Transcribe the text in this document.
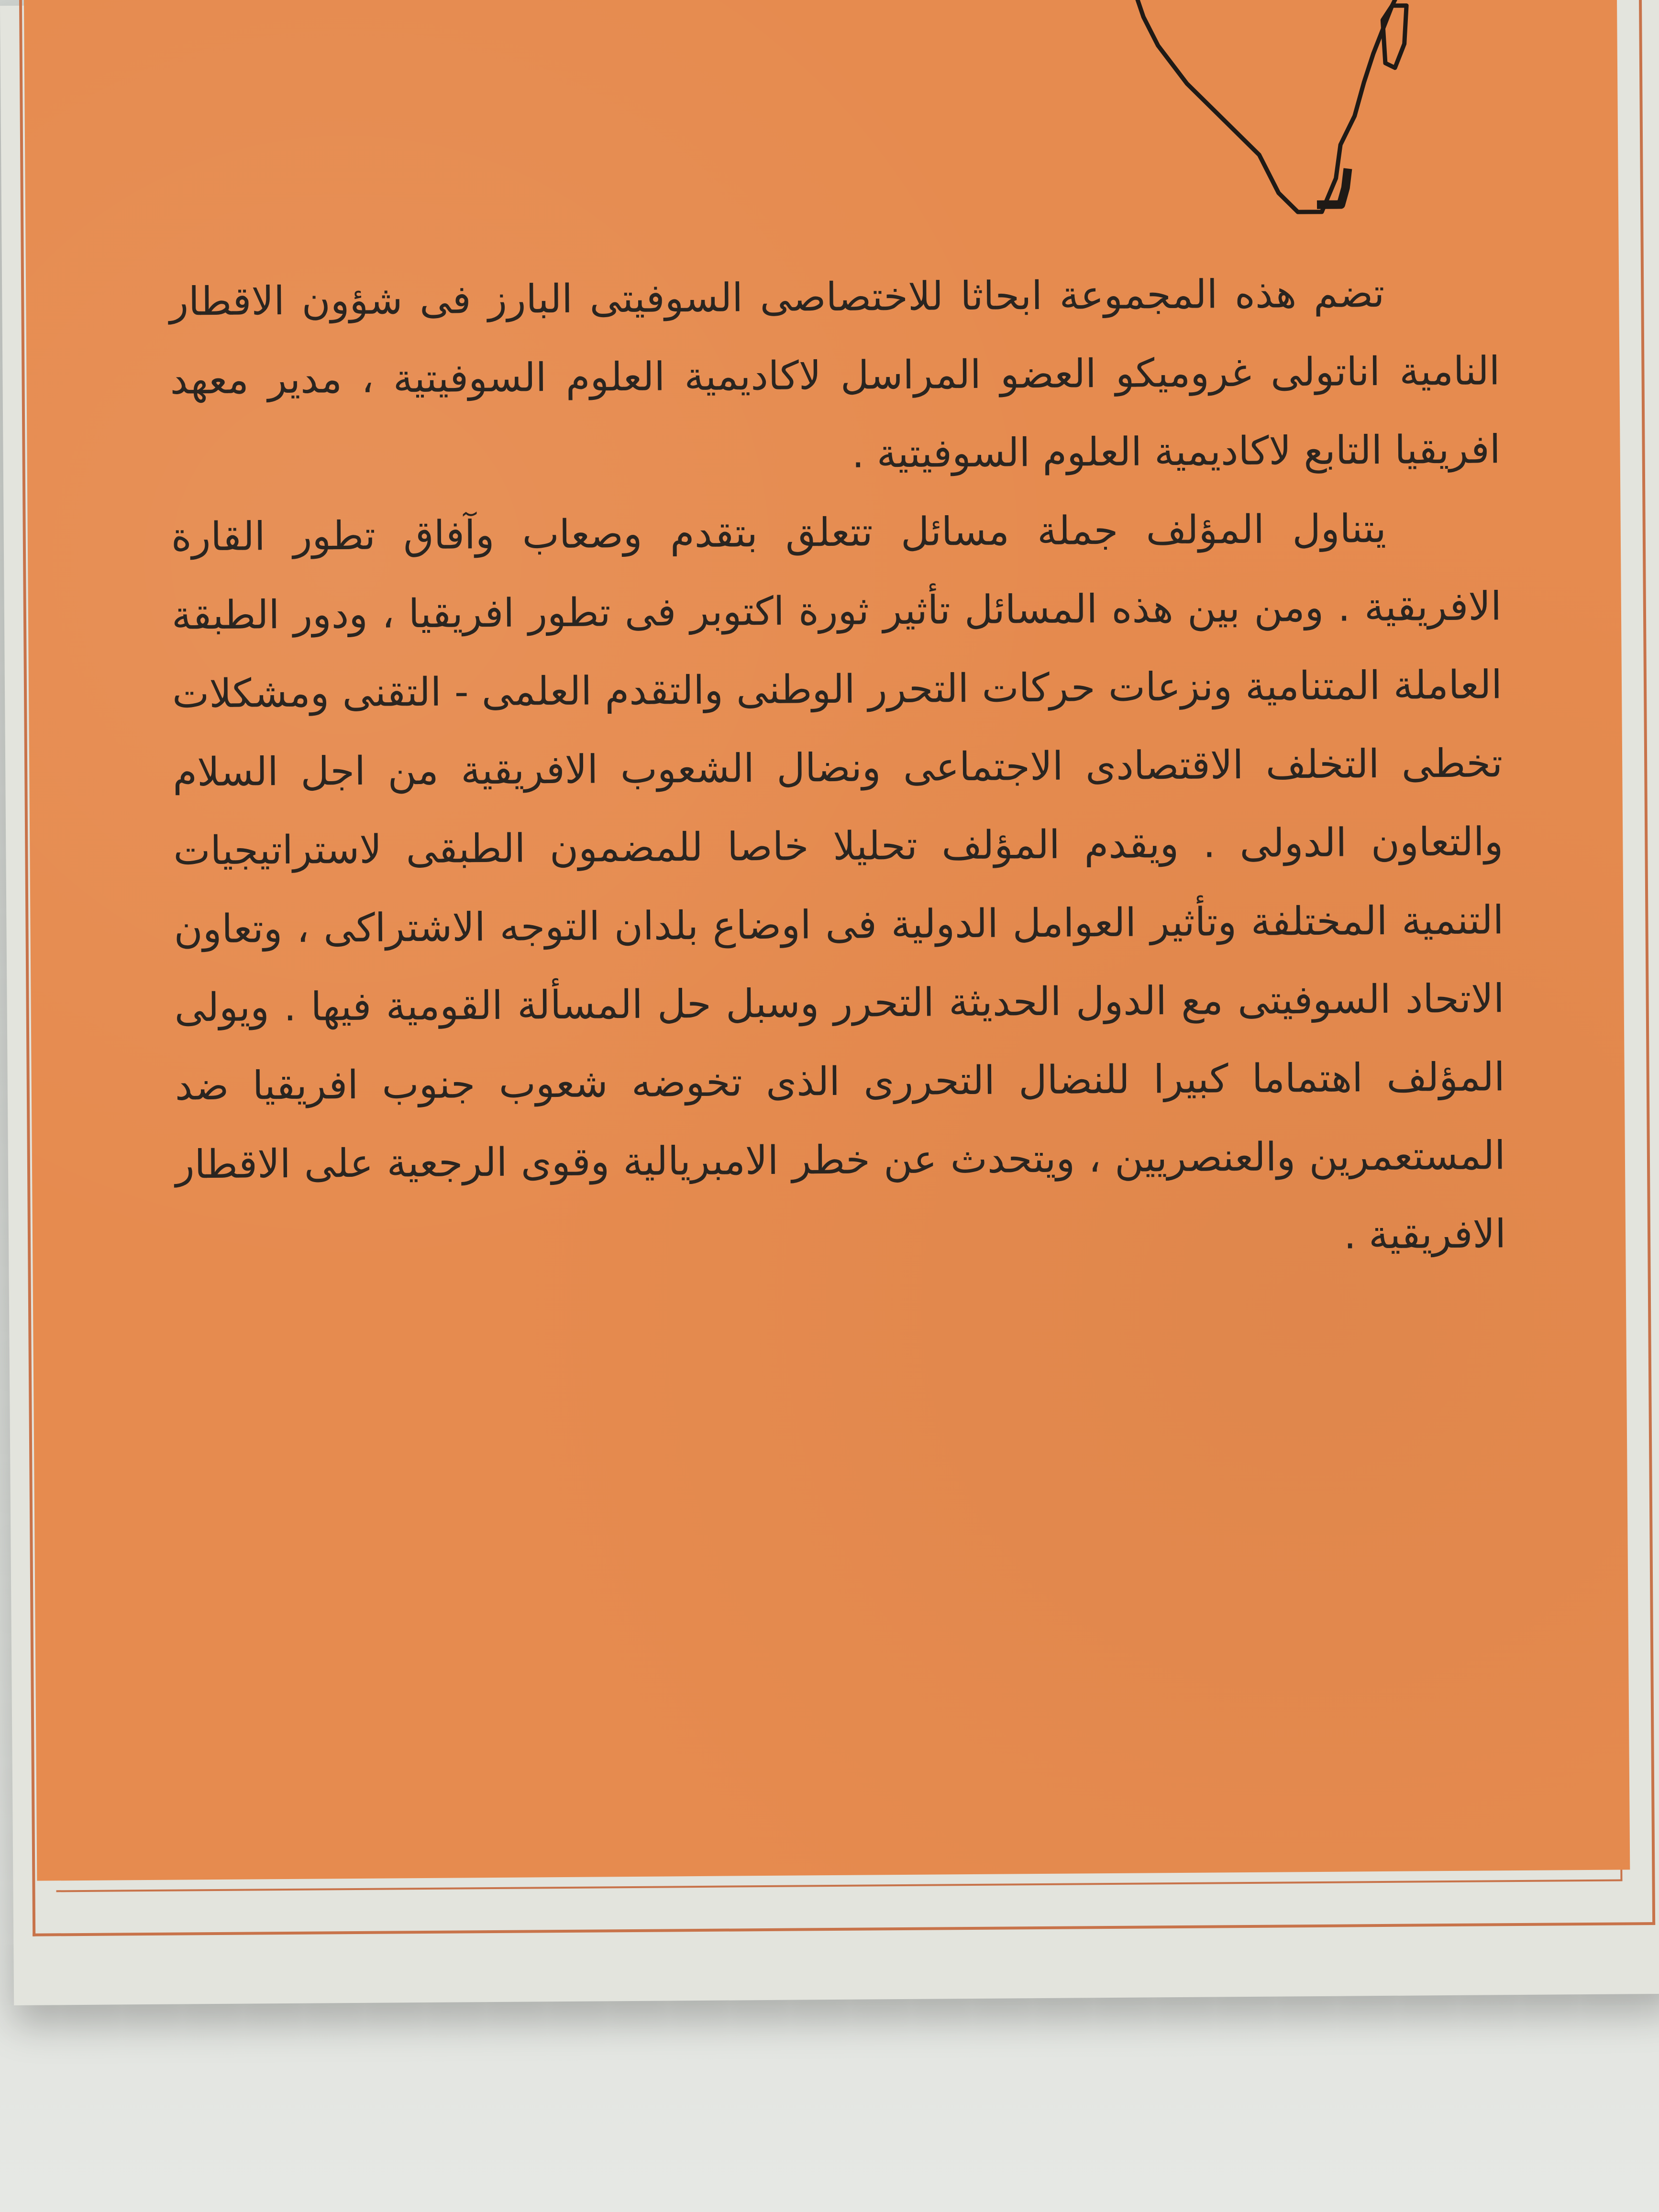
تضم هذه المجموعة ابحاثا للاختصاصى السوفيتى البارز فى شؤون الاقطار النامية اناتولى غروميكو العضو المراسل لاكاديمية العلوم السوفيتية ، مدير معهد افريقيا التابع لاكاديمية العلوم السوفيتية .

يتناول المؤلف جملة مسائل تتعلق بتقدم وصعاب وآفاق تطور القارة الافريقية . ومن بين هذه المسائل تأثير ثورة اكتوبر فى تطور افريقيا ، ودور الطبقة العاملة المتنامية ونزعات حركات التحرر الوطنى والتقدم العلمى - التقنى ومشكلات تخطى التخلف الاقتصادى الاجتماعى ونضال الشعوب الافريقية من اجل السلام والتعاون الدولى . ويقدم المؤلف تحليلا خاصا للمضمون الطبقى لاستراتيجيات التنمية المختلفة وتأثير العوامل الدولية فى اوضاع بلدان التوجه الاشتراكى ، وتعاون الاتحاد السوفيتى مع الدول الحديثة التحرر وسبل حل المسألة القومية فيها . ويولى المؤلف اهتماما كبيرا للنضال التحررى الذى تخوضه شعوب جنوب افريقيا ضد المستعمرين والعنصريين ، ويتحدث عن خطر الامبريالية وقوى الرجعية على الاقطار الافريقية .
